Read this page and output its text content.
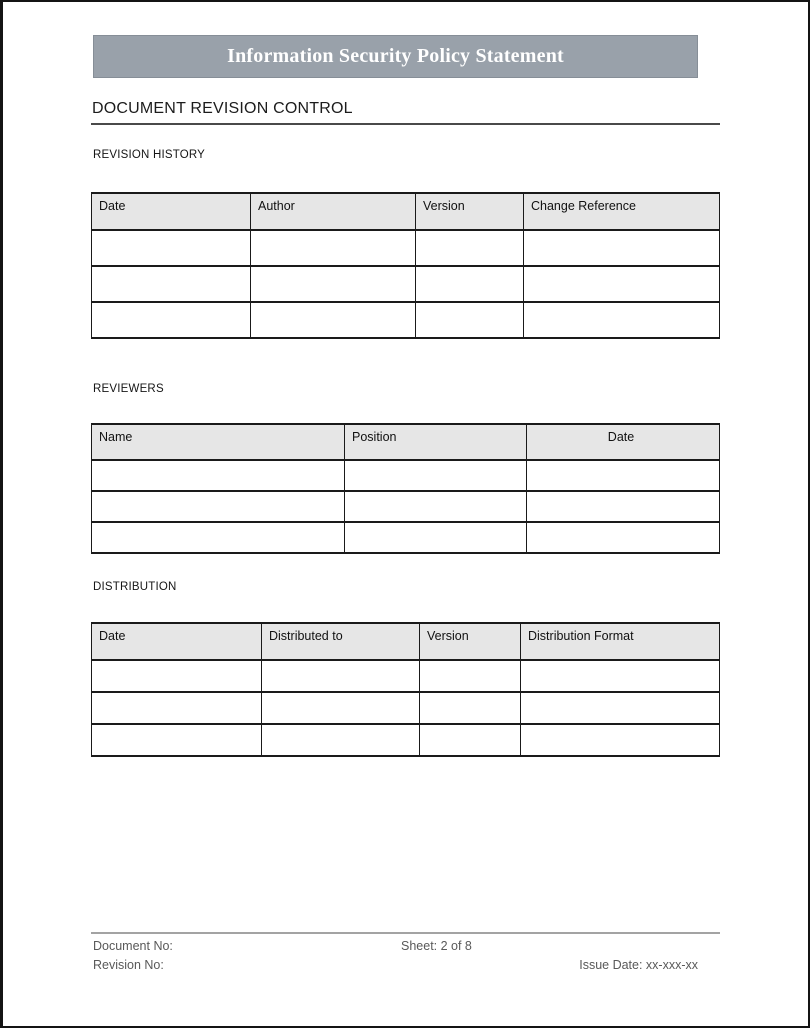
Information Security Policy Statement
DOCUMENT REVISION CONTROL
REVISION HISTORY
Date	Author	Version	Change Reference

REVIEWERS
Name	Position	Date

DISTRIBUTION
Date	Distributed to	Version	Distribution Format

Document No:	Sheet: 2 of 8
Revision No:	Issue Date: xx-xxx-xx
